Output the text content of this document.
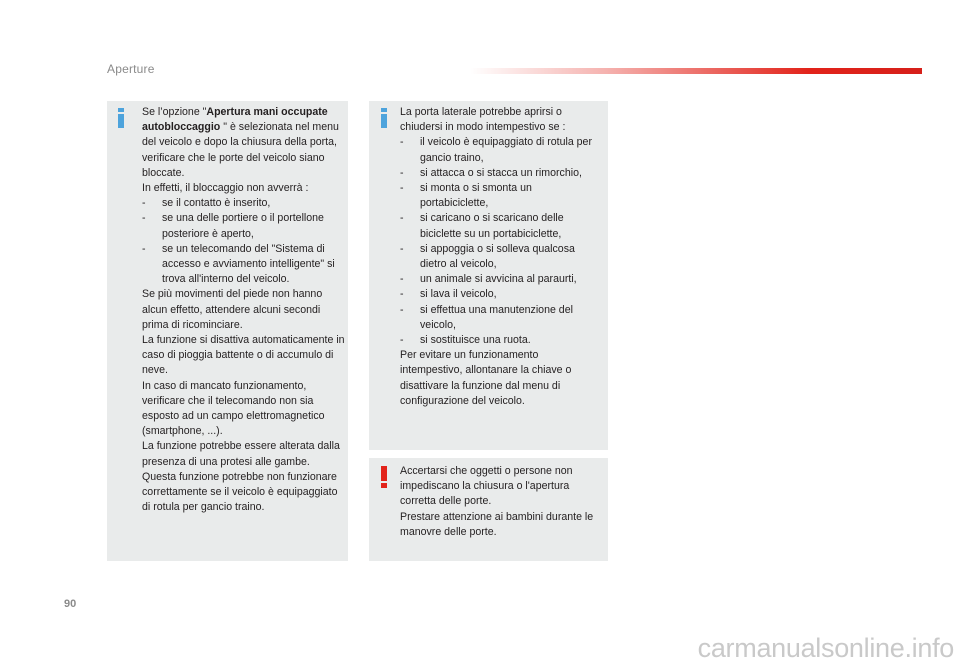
Aperture

Se l’opzione "Apertura mani occupate autobloccaggio " è selezionata nel menu del veicolo e dopo la chiusura della porta, verificare che le porte del veicolo siano bloccate.

In effetti, il bloccaggio non avverrà :

- se il contatto è inserito,

- se una delle portiere o il portellone posteriore è aperto,

- se un telecomando del "Sistema di accesso e avviamento intelligente" si trova all'interno del veicolo.

Se più movimenti del piede non hanno alcun effetto, attendere alcuni secondi prima di ricominciare.

La funzione si disattiva automaticamente in caso di pioggia battente o di accumulo di neve.

In caso di mancato funzionamento, verificare che il telecomando non sia esposto ad un campo elettromagnetico (smartphone, ...).

La funzione potrebbe essere alterata dalla presenza di una protesi alle gambe.

Questa funzione potrebbe non funzionare correttamente se il veicolo è equipaggiato di rotula per gancio traino.

La porta laterale potrebbe aprirsi o chiudersi in modo intempestivo se :

- il veicolo è equipaggiato di rotula per gancio traino,

- si attacca o si stacca un rimorchio,

- si monta o si smonta un portabiciclette,

- si caricano o si scaricano delle biciclette su un portabiciclette,

- si appoggia o si solleva qualcosa dietro al veicolo,

- un animale si avvicina al paraurti,

- si lava il veicolo,

- si effettua una manutenzione del veicolo,

- si sostituisce una ruota.

Per evitare un funzionamento intempestivo, allontanare la chiave o disattivare la funzione dal menu di configurazione del veicolo.

Accertarsi che oggetti o persone non impediscano la chiusura o l'apertura corretta delle porte.

Prestare attenzione ai bambini durante le manovre delle porte.

90
carmanualsonline.info
